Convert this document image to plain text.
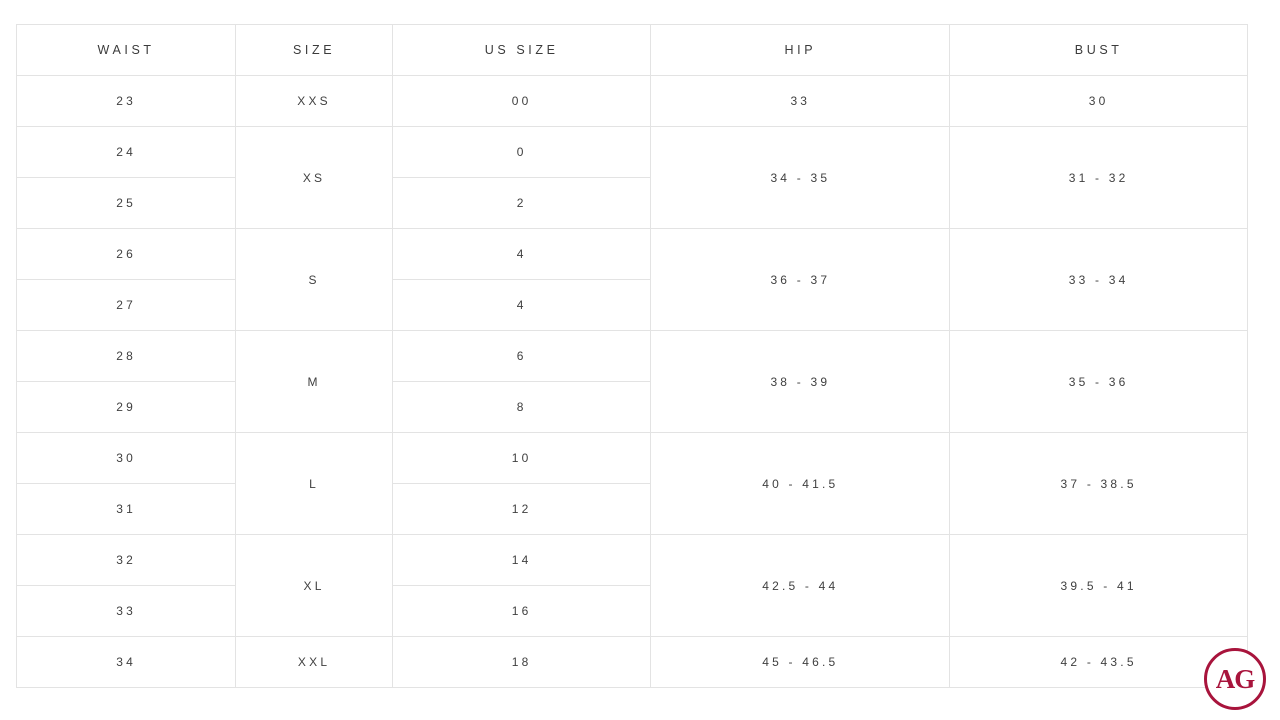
WAIST	SIZE	US SIZE	HIP	BUST
23	XXS	00	33	30
24	XS	0	34 - 35	31 - 32
25		2		
26	S	4	36 - 37	33 - 34
27		4		
28	M	6	38 - 39	35 - 36
29		8		
30	L	10	40 - 41.5	37 - 38.5
31		12		
32	XL	14	42.5 - 44	39.5 - 41
33		16		
34	XXL	18	45 - 46.5	42 - 43.5
AG
